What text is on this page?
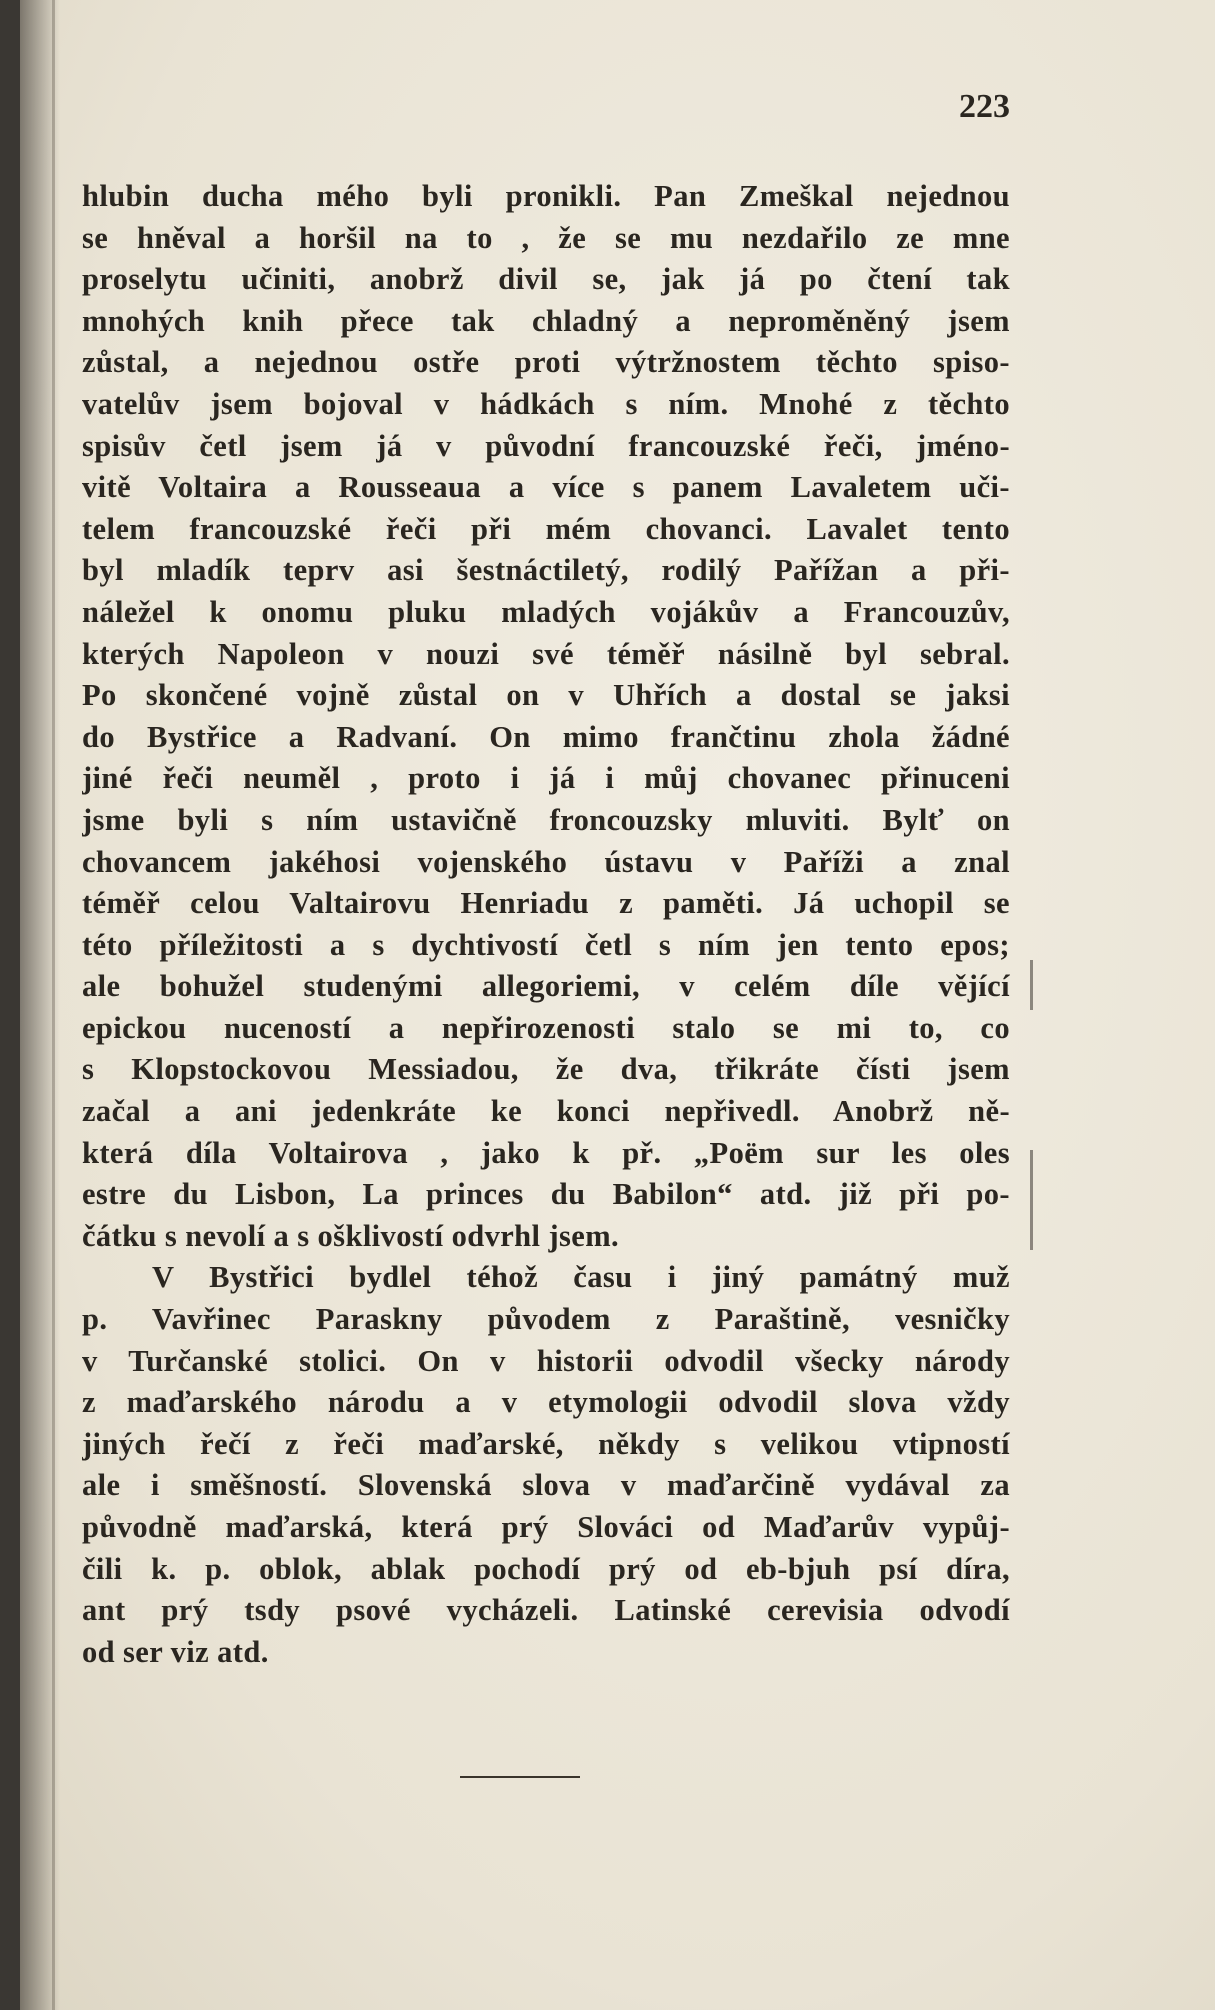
223
hlubin ducha mého byli pronikli. Pan Zmeškal nejednou
se hněval a horšil na to , že se mu nezdařilo ze mne
proselytu učiniti, anobrž divil se, jak já po čtení tak
mnohých knih přece tak chladný a neproměněný jsem
zůstal, a nejednou ostře proti výtržnostem těchto spiso-
vatelův jsem bojoval v hádkách s ním. Mnohé z těchto
spisův četl jsem já v původní francouzské řeči, jméno-
vitě Voltaira a Rousseaua a více s panem Lavaletem uči-
telem francouzské řeči při mém chovanci. Lavalet tento
byl mladík teprv asi šestnáctiletý, rodilý Pařížan a při-
náležel k onomu pluku mladých vojákův a Francouzův,
kterých Napoleon v nouzi své téměř násilně byl sebral.
Po skončené vojně zůstal on v Uhřích a dostal se jaksi
do Bystřice a Radvaní. On mimo frančtinu zhola žádné
jiné řeči neuměl , proto i já i můj chovanec přinuceni
jsme byli s ním ustavičně froncouzsky mluviti. Bylť on
chovancem jakéhosi vojenského ústavu v Paříži a znal
téměř celou Valtairovu Henriadu z paměti. Já uchopil se
této příležitosti a s dychtivostí četl s ním jen tento epos;
ale bohužel studenými allegoriemi, v celém díle vějící
epickou nuceností a nepřirozenosti stalo se mi to, co
s Klopstockovou Messiadou, že dva, třikráte čísti jsem
začal a ani jedenkráte ke konci nepřivedl. Anobrž ně-
která díla Voltairova , jako k př. „Poëm sur les oles
estre du Lisbon, La princes du Babilon“ atd. již při po-
čátku s nevolí a s ošklivostí odvrhl jsem.
V Bystřici bydlel téhož času i jiný památný muž
p. Vavřinec Paraskny původem z Paraštině, vesničky
v Turčanské stolici. On v historii odvodil všecky národy
z maďarského národu a v etymologii odvodil slova vždy
jiných řečí z řeči maďarské, někdy s velikou vtipností
ale i směšností. Slovenská slova v maďarčině vydával za
původně maďarská, která prý Slováci od Maďarův vypůj-
čili k. p. oblok, ablak pochodí prý od eb-bjuh psí díra,
ant prý tsdy psové vycházeli. Latinské cerevisia odvodí
od ser viz atd.
